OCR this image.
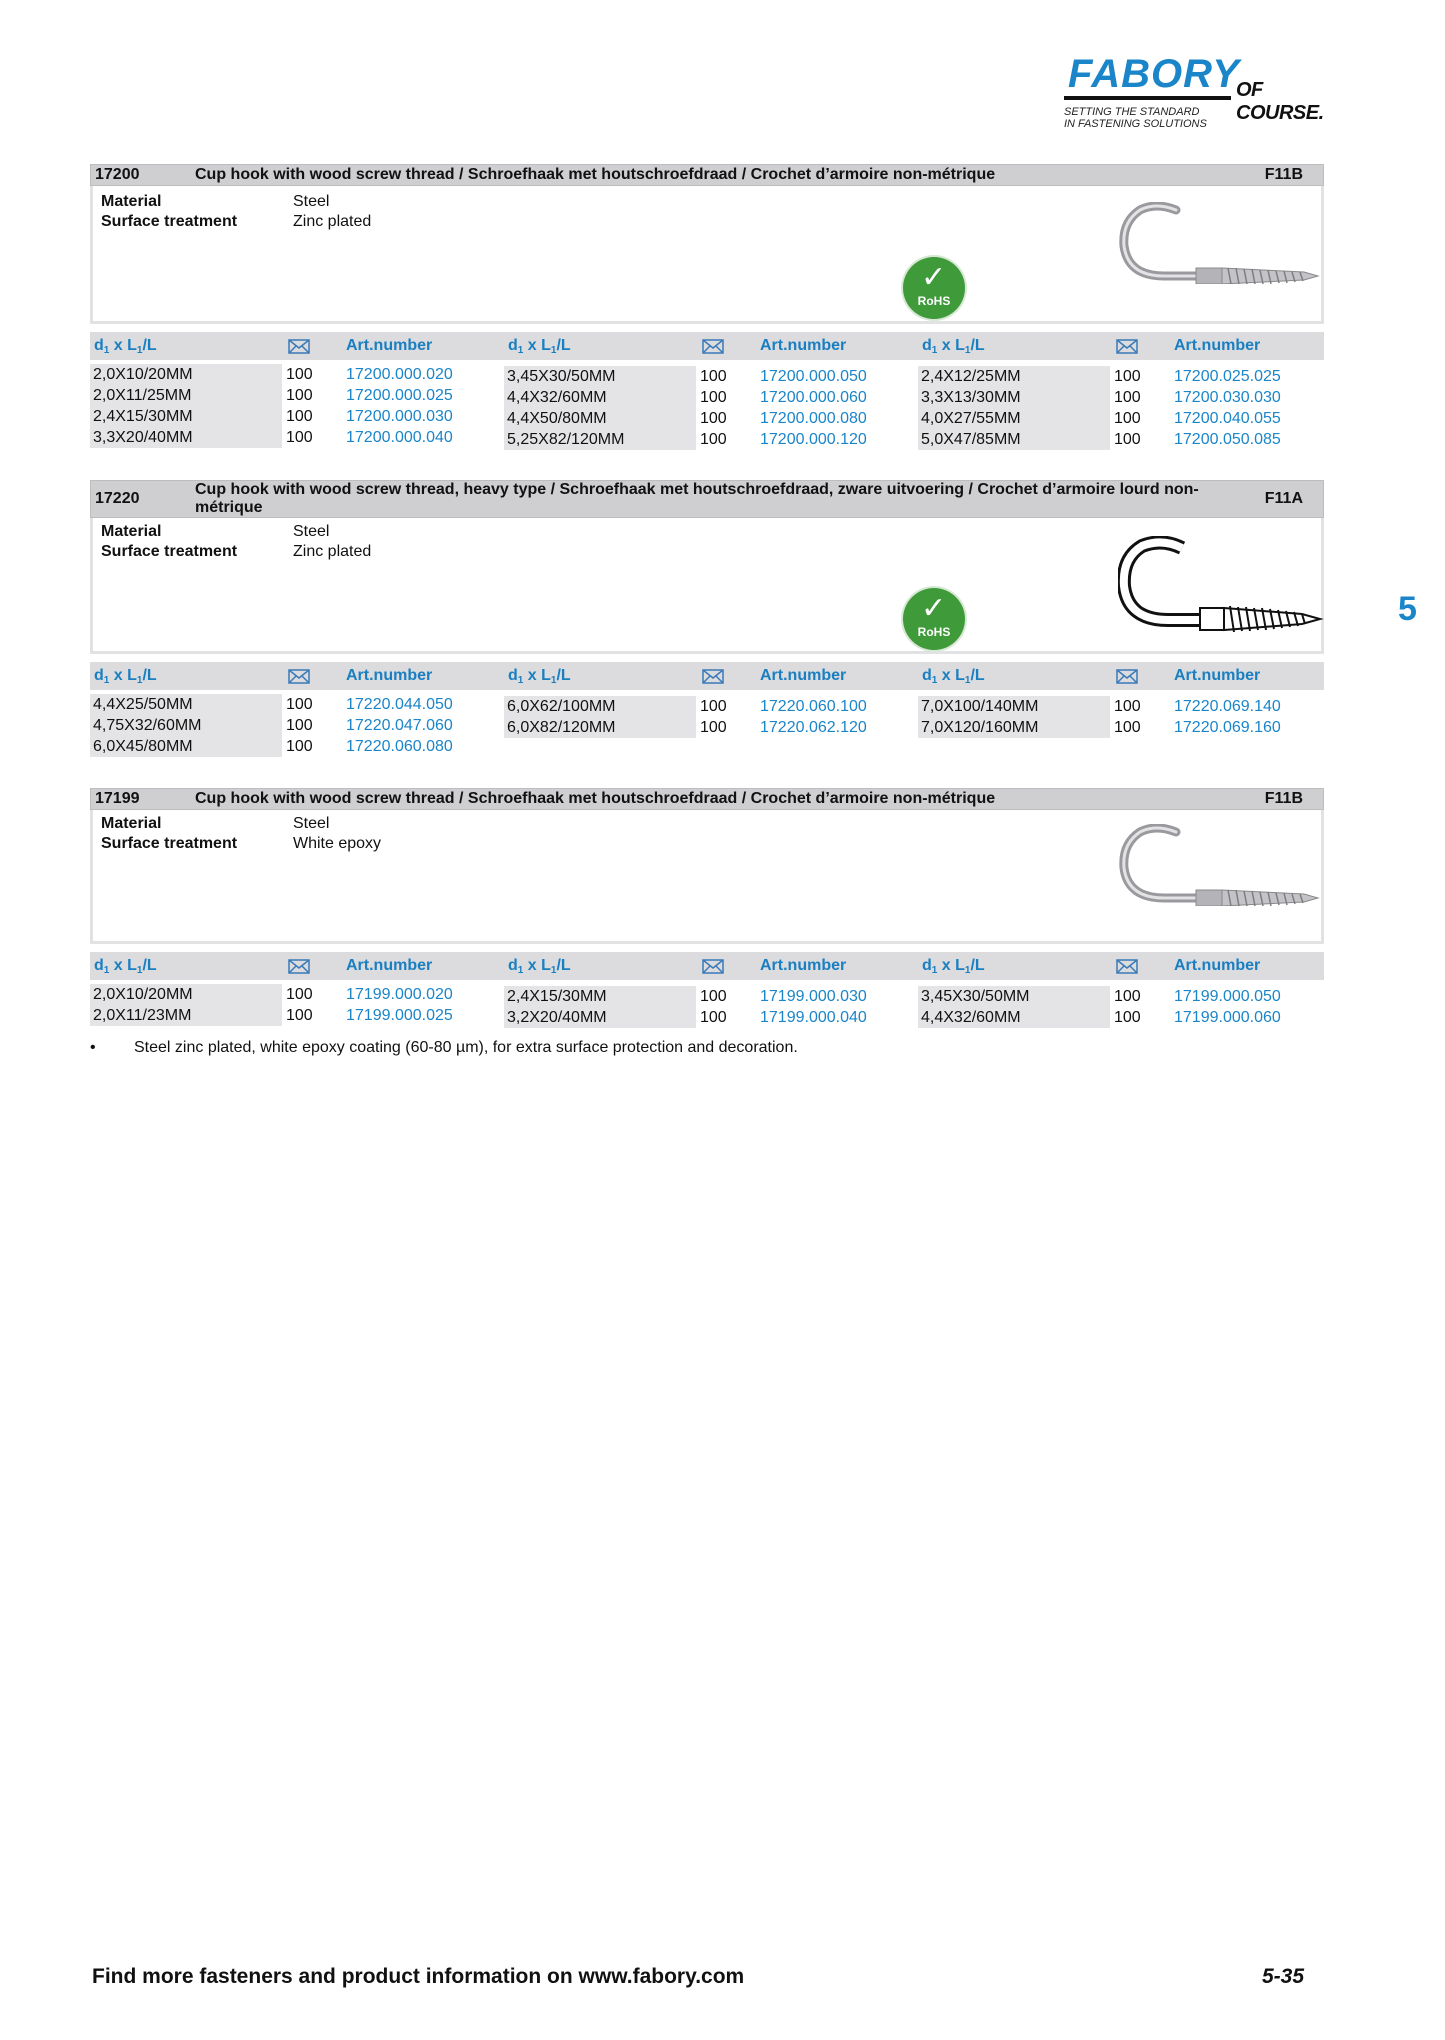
FABORY
OF COURSE.
SETTING THE STANDARD
IN FASTENING SOLUTIONS
5
17200	Cup hook with wood screw thread / Schroefhaak met houtschroefdraad / Crochet d’armoire non-métrique	F11B
Material	Steel
Surface treatment	Zinc plated
✓
RoHS
$d_1$ x $L_1/L$	Art.number	$d_1$ x $L_1/L$	Art.number	$d_1$ x $L_1/L$	Art.number
2,0X10/20MM	100 17200.000.020
2,0X11/25MM	100 17200.000.025
2,4X15/30MM	100 17200.000.030
3,3X20/40MM	100 17200.000.040
3,45X30/50MM	100 17200.000.050
4,4X32/60MM	100 17200.000.060
4,4X50/80MM	100 17200.000.080
5,25X82/120MM	100 17200.000.120
2,4X12/25MM	100 17200.025.025
3,3X13/30MM	100 17200.030.030
4,0X27/55MM	100 17200.040.055
5,0X47/85MM	100 17200.050.085
17220
Cup hook with wood screw thread, heavy type / Schroefhaak met houtschroefdraad, zware uitvoering / Crochet d’armoire lourd non-métrique
F11A
Material	Steel
Surface treatment	Zinc plated
✓
RoHS
$d_1$ x $L_1/L$	Art.number	$d_1$ x $L_1/L$	Art.number	$d_1$ x $L_1/L$	Art.number
4,4X25/50MM	100 17220.044.050
4,75X32/60MM	100 17220.047.060
6,0X45/80MM	100 17220.060.080
6,0X62/100MM	100 17220.060.100
6,0X82/120MM	100 17220.062.120
7,0X100/140MM	100 17220.069.140
7,0X120/160MM	100 17220.069.160
17199	Cup hook with wood screw thread / Schroefhaak met houtschroefdraad / Crochet d’armoire non-métrique	F11B
Material	Steel
Surface treatment	White epoxy
$d_1$ x $L_1/L$	Art.number	$d_1$ x $L_1/L$	Art.number	$d_1$ x $L_1/L$	Art.number
2,0X10/20MM	100 17199.000.020
2,0X11/23MM	100 17199.000.025
2,4X15/30MM	100 17199.000.030
3,2X20/40MM	100 17199.000.040
3,45X30/50MM	100 17199.000.050
4,4X32/60MM	100 17199.000.060
• Steel zinc plated, white epoxy coating (60-80 µm), for extra surface protection and decoration.
Find more fasteners and product information on www.fabory.com	5-35
